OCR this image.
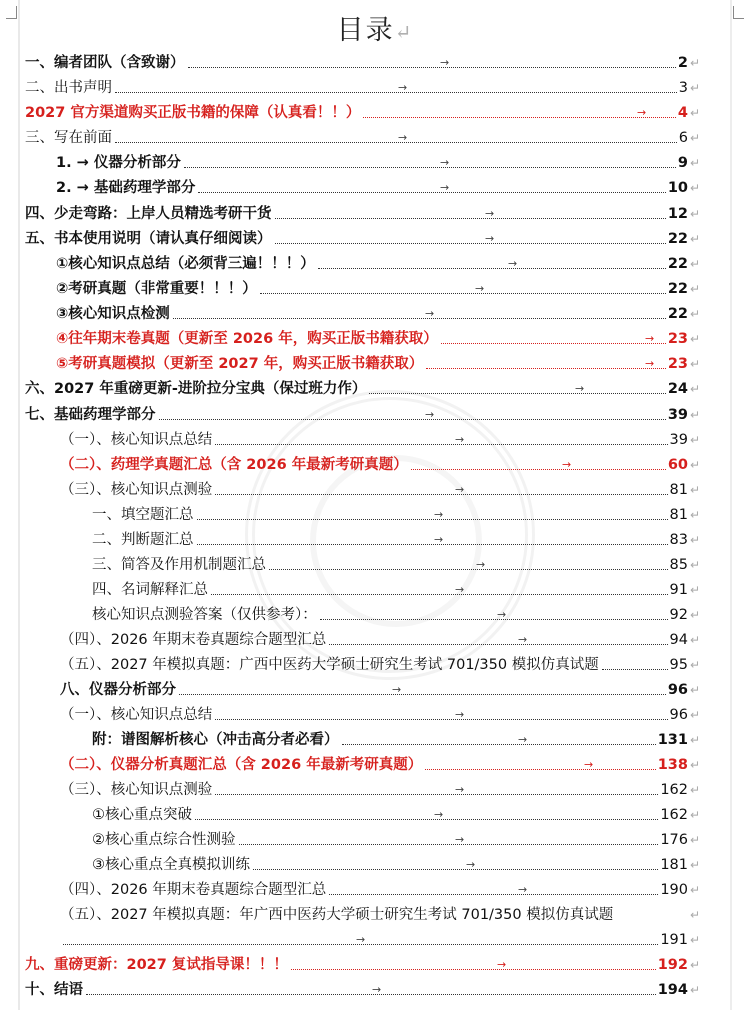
目录↵
一、编者团队（含致谢）	2
→	↵
二、出书声明	3
→	↵
2027 官方渠道购买正版书籍的保障（认真看！！）	4
→	↵
三、写在前面	6
→	↵
1. → 仪器分析部分	9
→	↵
2. → 基础药理学部分	10
→	↵
四、少走弯路：上岸人员精选考研干货	12
→	↵
五、书本使用说明（请认真仔细阅读）	22
→	↵
①核心知识点总结（必须背三遍！！！）	22
→	↵
②考研真题（非常重要！！！）	22
→	↵
③核心知识点检测	22
→	↵
④往年期末卷真题（更新至 2026 年，购买正版书籍获取）	23
→	↵
⑤考研真题模拟（更新至 2027 年，购买正版书籍获取）	23
→	↵
六、2027 年重磅更新-进阶拉分宝典（保过班力作）	24
→	↵
七、基础药理学部分	39
→	↵
（一）、核心知识点总结	39
→	↵
（二）、药理学真题汇总（含 2026 年最新考研真题）	60
→	↵
（三）、核心知识点测验	81
→	↵
一、填空题汇总	81
→	↵
二、判断题汇总	83
→	↵
三、简答及作用机制题汇总	85
→	↵
四、名词解释汇总	91
→	↵
核心知识点测验答案（仅供参考）：	92
→	↵
（四）、2026 年期末卷真题综合题型汇总	94
→	↵
（五）、2027 年模拟真题：广西中医药大学硕士研究生考试 701/350 模拟仿真试题	95 ↵
八、仪器分析部分	96
→	↵
（一）、核心知识点总结	96
→	↵
附：谱图解析核心（冲击高分者必看）	131
→	↵
（二）、仪器分析真题汇总（含 2026 年最新考研真题）	138
→	↵
（三）、核心知识点测验	162
→	↵
①核心重点突破	162
→	↵
②核心重点综合性测验	176
→	↵
③核心重点全真模拟训练	181
→	↵
（四）、2026 年期末卷真题综合题型汇总	190
→	↵
（五）、2027 年模拟真题：年广西中医药大学硕士研究生考试 701/350 模拟仿真试题	↵
191
→	↵
九、重磅更新：2027 复试指导课！！！	192
→	↵
十、结语	194
→	↵
